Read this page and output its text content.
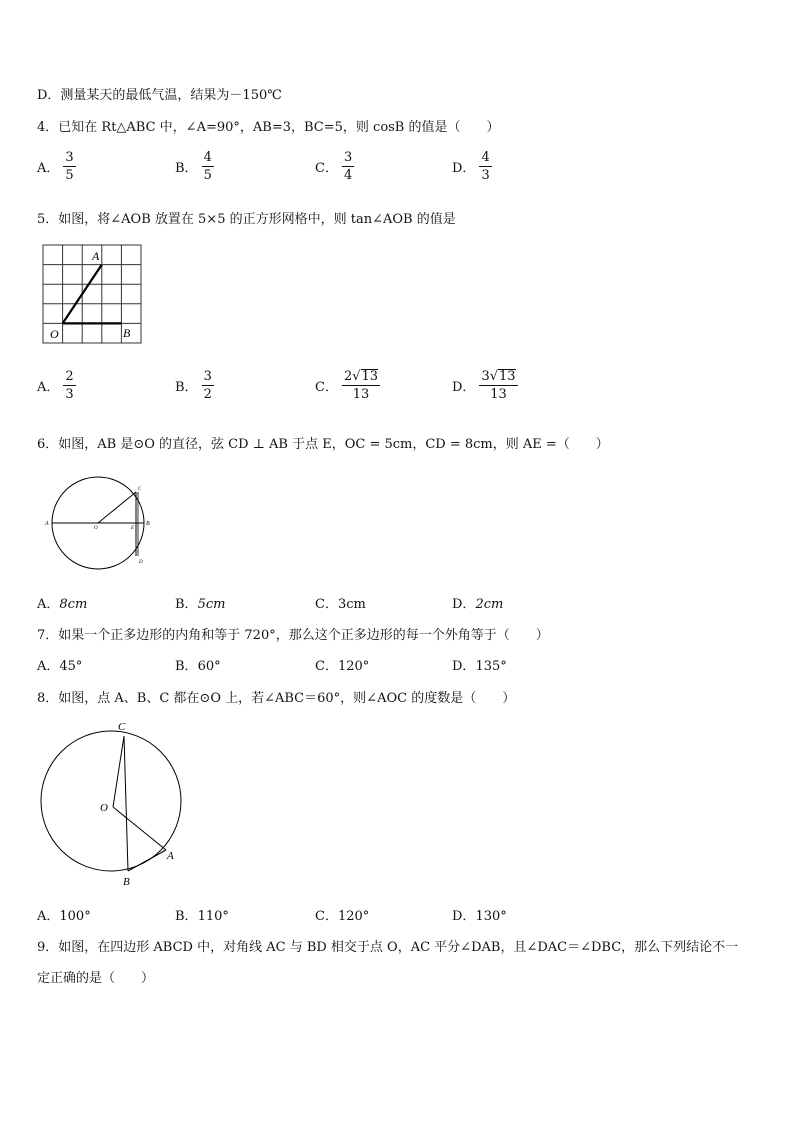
D．测量某天的最低气温，结果为－150℃
4．已知在 Rt△ABC 中，∠A=90°，AB=3，BC=5，则 cosB 的值是（　　）
A． $\frac{3}{5}$	B． $\frac{4}{5}$	C． $\frac{3}{4}$	D． $\frac{4}{3}$
5．如图，将∠AOB 放置在 5×5 的正方形网格中，则 tan∠AOB 的值是
A
O	B
A． $\frac{2}{3}$	B． $\frac{3}{2}$	C． $\frac{2√ 13}{13}$	D． $\frac{3√ 13}{13}$
6．如图，AB 是⊙O 的直径，弦 CD ⊥ AB 于点 E，OC = 5cm，CD = 8cm，则 AE =（　　）
A
O	E
B
C
D
A．8cm	B．5cm	C．3cm	D．2cm
7．如果一个正多边形的内角和等于 720°，那么这个正多边形的每一个外角等于（　　）
A．45°	B．60°	C．120°	D．135°
8．如图，点 A、B、C 都在⊙O 上，若∠ABC＝60°，则∠AOC 的度数是（　　）
C
O
A
B
A．100°	B．110°	C．120°	D．130°
9．如图，在四边形 ABCD 中，对角线 AC 与 BD 相交于点 O，AC 平分∠DAB，且∠DAC＝∠DBC，那么下列结论不一
定正确的是（　　）
